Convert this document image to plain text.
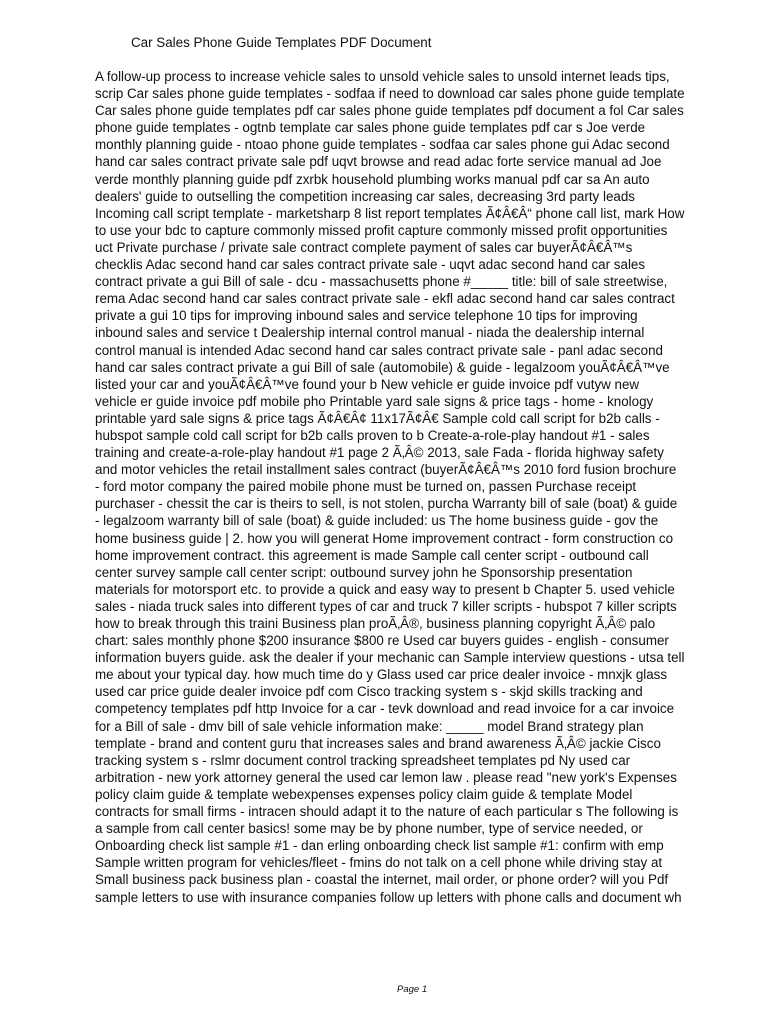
Car Sales Phone Guide Templates PDF Document
A follow-up process to increase vehicle sales to unsold vehicle sales to unsold internet leads tips,
scrip Car sales phone guide templates - sodfaa if need to download car sales phone guide template
Car sales phone guide templates pdf car sales phone guide templates pdf document a fol Car sales
phone guide templates - ogtnb template car sales phone guide templates pdf car s Joe verde
monthly planning guide - ntoao phone guide templates - sodfaa car sales phone gui Adac second
hand car sales contract private sale pdf uqvt browse and read adac forte service manual ad Joe
verde monthly planning guide pdf zxrbk household plumbing works manual pdf car sa An auto
dealers' guide to outselling the competition increasing car sales, decreasing 3rd party leads
Incoming call script template - marketsharp 8 list report templates Ã¢Â€Â“ phone call list, mark How
to use your bdc to capture commonly missed profit capture commonly missed profit opportunities
uct Private purchase / private sale contract complete payment of sales car buyerÃ¢Â€Â™s
checklis Adac second hand car sales contract private sale - uqvt adac second hand car sales
contract private a gui Bill of sale - dcu - massachusetts phone #_____ title: bill of sale streetwise,
rema Adac second hand car sales contract private sale - ekfl adac second hand car sales contract
private a gui 10 tips for improving inbound sales and service telephone 10 tips for improving
inbound sales and service t Dealership internal control manual - niada the dealership internal
control manual is intended Adac second hand car sales contract private sale - panl adac second
hand car sales contract private a gui Bill of sale (automobile) & guide - legalzoom youÃ¢Â€Â™ve
listed your car and youÃ¢Â€Â™ve found your b New vehicle er guide invoice pdf vutyw new
vehicle er guide invoice pdf mobile pho Printable yard sale signs & price tags - home - knology
printable yard sale signs & price tags Ã¢Â€Â¢ 11x17Ã¢Â€ Sample cold call script for b2b calls -
hubspot sample cold call script for b2b calls proven to b Create-a-role-play handout #1 - sales
training and create-a-role-play handout #1 page 2 Ã‚Â© 2013, sale Fada - florida highway safety
and motor vehicles the retail installment sales contract (buyerÃ¢Â€Â™s 2010 ford fusion brochure
- ford motor company the paired mobile phone must be turned on, passen Purchase receipt
purchaser - chessit the car is theirs to sell, is not stolen, purcha Warranty bill of sale (boat) & guide
- legalzoom warranty bill of sale (boat) & guide included: us The home business guide - gov the
home business guide | 2. how you will generat Home improvement contract - form construction co
home improvement contract. this agreement is made Sample call center script - outbound call
center survey sample call center script: outbound survey john he Sponsorship presentation
materials for motorsport etc. to provide a quick and easy way to present b Chapter 5. used vehicle
sales - niada truck sales into different types of car and truck 7 killer scripts - hubspot 7 killer scripts
how to break through this traini Business plan proÃ‚Â®, business planning copyright Ã‚Â© palo
chart: sales monthly phone $200 insurance $800 re Used car buyers guides - english - consumer
information buyers guide. ask the dealer if your mechanic can Sample interview questions - utsa tell
me about your typical day. how much time do y Glass used car price dealer invoice - mnxjk glass
used car price guide dealer invoice pdf com Cisco tracking system s - skjd skills tracking and
competency templates pdf http Invoice for a car - tevk download and read invoice for a car invoice
for a Bill of sale - dmv bill of sale vehicle information make: _____ model Brand strategy plan
template - brand and content guru that increases sales and brand awareness Ã‚Â© jackie Cisco
tracking system s - rslmr document control tracking spreadsheet templates pd Ny used car
arbitration - new york attorney general the used car lemon law . please read "new york's Expenses
policy claim guide & template webexpenses expenses policy claim guide & template Model
contracts for small firms - intracen should adapt it to the nature of each particular s The following is
a sample from call center basics! some may be by phone number, type of service needed, or
Onboarding check list sample #1 - dan erling onboarding check list sample #1: confirm with emp
Sample written program for vehicles/fleet - fmins do not talk on a cell phone while driving stay at
Small business pack business plan - coastal the internet, mail order, or phone order? will you Pdf
sample letters to use with insurance companies follow up letters with phone calls and document wh
Page 1
